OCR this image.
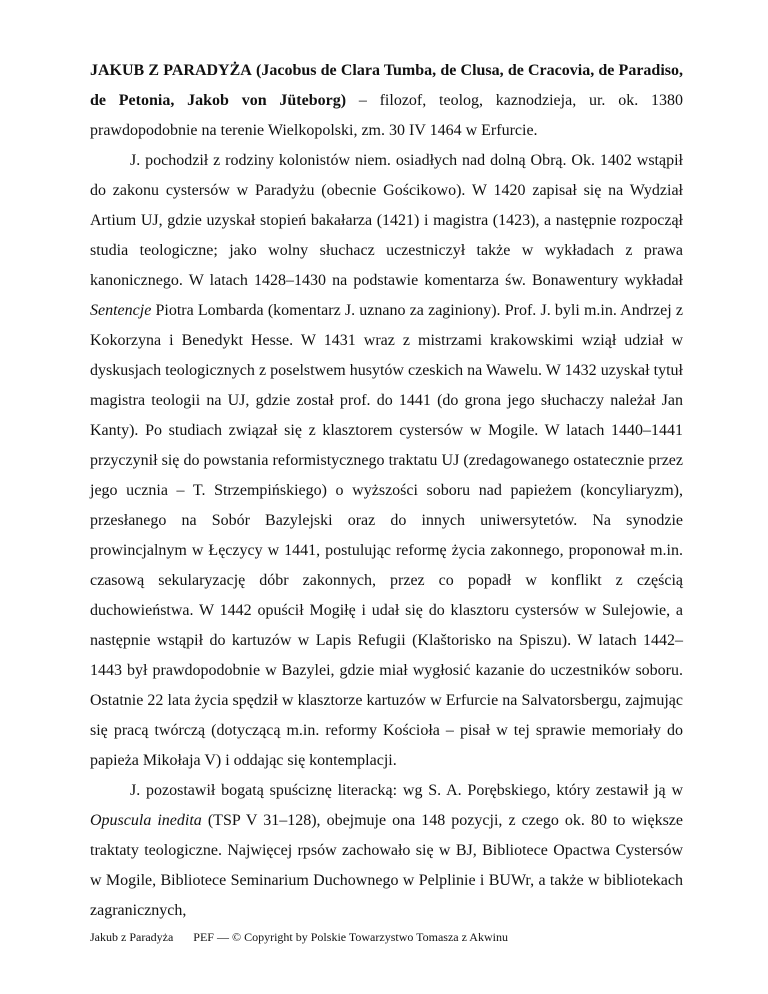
JAKUB Z PARADYŻA (Jacobus de Clara Tumba, de Clusa, de Cracovia, de Paradiso, de Petonia, Jakob von Jüteborg) – filozof, teolog, kaznodzieja, ur. ok. 1380 prawdopodobnie na terenie Wielkopolski, zm. 30 IV 1464 w Erfurcie.

J. pochodził z rodziny kolonistów niem. osiadłych nad dolną Obrą. Ok. 1402 wstąpił do zakonu cystersów w Paradyżu (obecnie Gościkowo). W 1420 zapisał się na Wydział Artium UJ, gdzie uzyskał stopień bakałarza (1421) i magistra (1423), a następnie rozpoczął studia teologiczne; jako wolny słuchacz uczestniczył także w wykładach z prawa kanonicznego. W latach 1428–1430 na podstawie komentarza św. Bonawentury wykładał Sentencje Piotra Lombarda (komentarz J. uznano za zaginiony). Prof. J. byli m.in. Andrzej z Kokorzyna i Benedykt Hesse. W 1431 wraz z mistrzami krakowskimi wziął udział w dyskusjach teologicznych z poselstwem husytów czeskich na Wawelu. W 1432 uzyskał tytuł magistra teologii na UJ, gdzie został prof. do 1441 (do grona jego słuchaczy należał Jan Kanty). Po studiach związał się z klasztorem cystersów w Mogile. W latach 1440–1441 przyczynił się do powstania reformistycznego traktatu UJ (zredagowanego ostatecznie przez jego ucznia – T. Strzempińskiego) o wyższości soboru nad papieżem (koncyliaryzm), przesłanego na Sobór Bazylejski oraz do innych uniwersytetów. Na synodzie prowincjalnym w Łęczycy w 1441, postulując reformę życia zakonnego, proponował m.in. czasową sekularyzację dóbr zakonnych, przez co popadł w konflikt z częścią duchowieństwa. W 1442 opuścił Mogiłę i udał się do klasztoru cystersów w Sulejowie, a następnie wstąpił do kartuzów w Lapis Refugii (Klaštorisko na Spiszu). W latach 1442–1443 był prawdopodobnie w Bazylei, gdzie miał wygłosić kazanie do uczestników soboru. Ostatnie 22 lata życia spędził w klasztorze kartuzów w Erfurcie na Salvatorsbergu, zajmując się pracą twórczą (dotyczącą m.in. reformy Kościoła – pisał w tej sprawie memoriały do papieża Mikołaja V) i oddając się kontemplacji.

J. pozostawił bogatą spuściznę literacką: wg S. A. Porębskiego, który zestawił ją w Opuscula inedita (TSP V 31–128), obejmuje ona 148 pozycji, z czego ok. 80 to większe traktaty teologiczne. Najwięcej rpsów zachowało się w BJ, Bibliotece Opactwa Cystersów w Mogile, Bibliotece Seminarium Duchownego w Pelplinie i BUWr, a także w bibliotekach zagranicznych,

Jakub z Paradyża PEF — © Copyright by Polskie Towarzystwo Tomasza z Akwinu
